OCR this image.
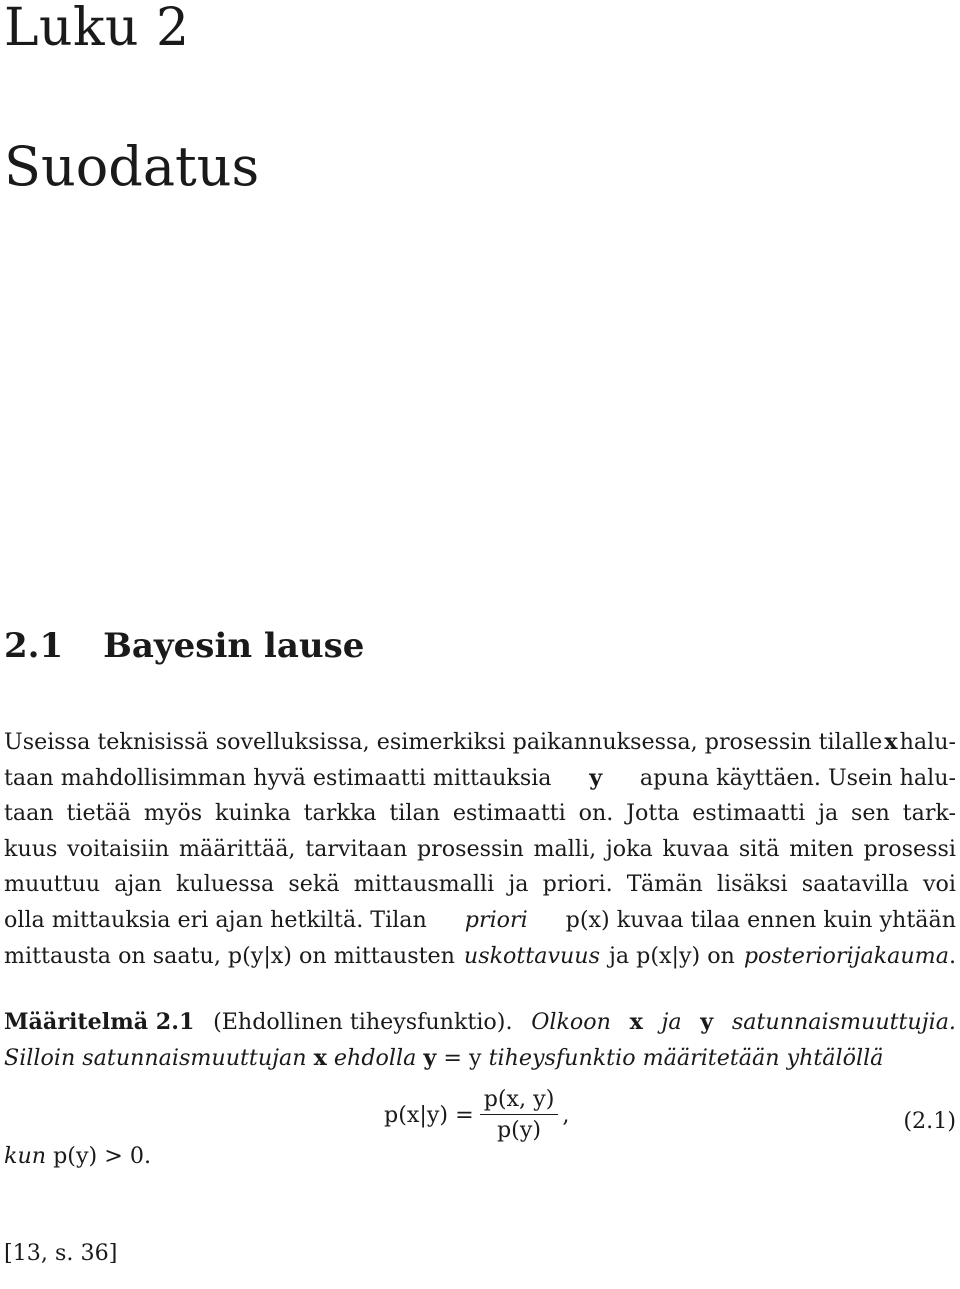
Luku 2
Suodatus
2.1 Bayesin lause
Useissa teknisissä sovelluksissa, esimerkiksi paikannuksessa, prosessin tilalle x halu-
taan mahdollisimman hyvä estimaatti mittauksia y apuna käyttäen. Usein halu-
taan tietää myös kuinka tarkka tilan estimaatti on. Jotta estimaatti ja sen tark-
kuus voitaisiin määrittää, tarvitaan prosessin malli, joka kuvaa sitä miten prosessi
muuttuu ajan kuluessa sekä mittausmalli ja priori. Tämän lisäksi saatavilla voi
olla mittauksia eri ajan hetkiltä. Tilan priori p(x) kuvaa tilaa ennen kuin yhtään
mittausta on saatu, p(y|x) on mittausten uskottavuus ja p(x|y) on posteriorijakauma.
Määritelmä 2.1 (Ehdollinen tiheysfunktio). Olkoon x ja y satunnaismuuttujia.
Silloin satunnaismuuttujan x ehdolla y = y tiheysfunktio määritetään yhtälöllä
$p(x|y) = \frac{p(x, y)}{p(y)}$ ,	(2.1)
kun p(y) > 0.
[13, s. 36]
